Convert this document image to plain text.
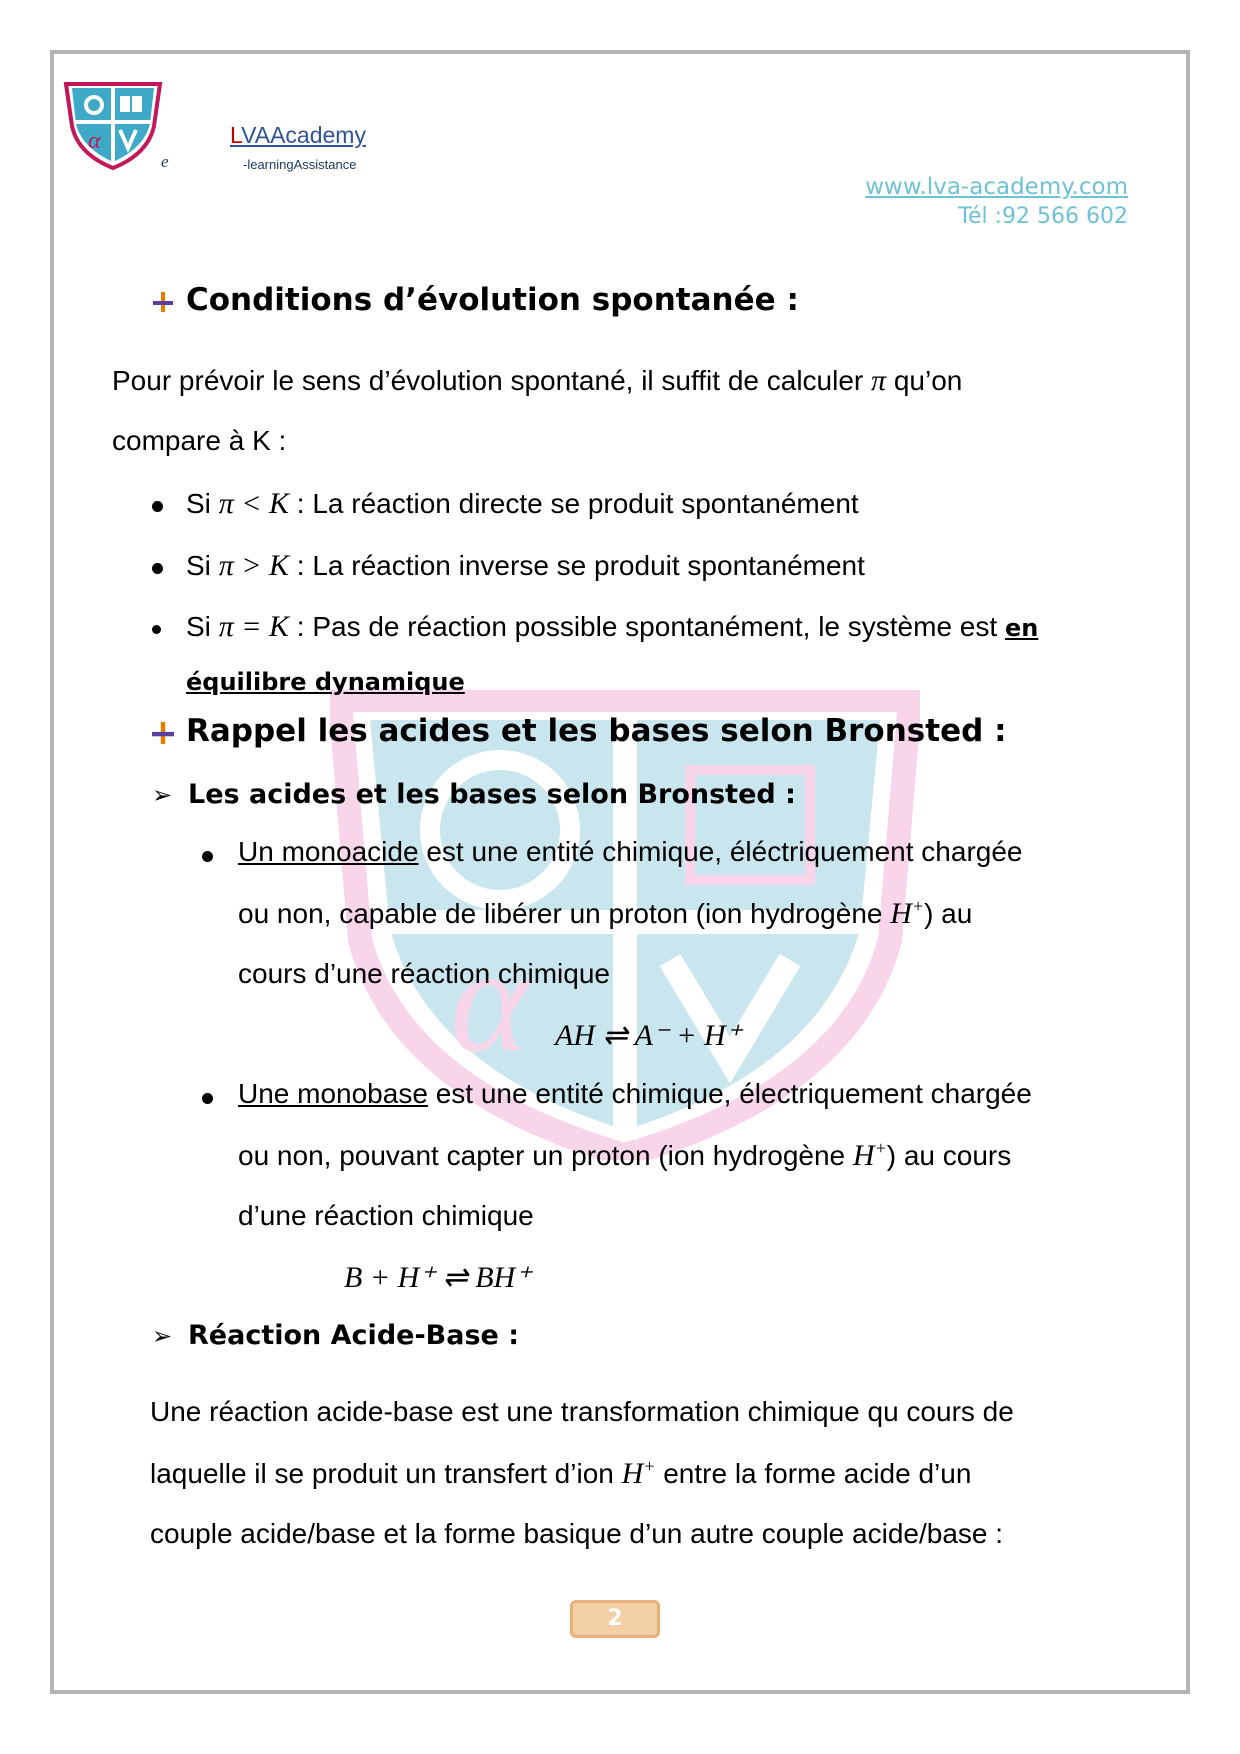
α
e
LVAAcademy
-learningAssistance
www.lva-academy.com
Tél :92 566 602
α
Conditions d’évolution spontanée :
Pour prévoir le sens d’évolution spontané, il suffit de calculer π qu’on
compare à K :
Si π < K : La réaction directe se produit spontanément
Si π > K : La réaction inverse se produit spontanément
Si π = K : Pas de réaction possible spontanément, le système est en
équilibre dynamique
Rappel les acides et les bases selon Bronsted :
➢ Les acides et les bases selon Bronsted :
Un monoacide est une entité chimique, éléctriquement chargée
ou non, capable de libérer un proton (ion hydrogène H+) au
cours d’une réaction chimique
AH ⇌ A⁻ + H⁺
Une monobase est une entité chimique, électriquement chargée
ou non, pouvant capter un proton (ion hydrogène H+) au cours
d’une réaction chimique
B + H⁺ ⇌ BH⁺
➢ Réaction Acide-Base :
Une réaction acide-base est une transformation chimique qu cours de
laquelle il se produit un transfert d’ion H+ entre la forme acide d’un
couple acide/base et la forme basique d’un autre couple acide/base :
2
